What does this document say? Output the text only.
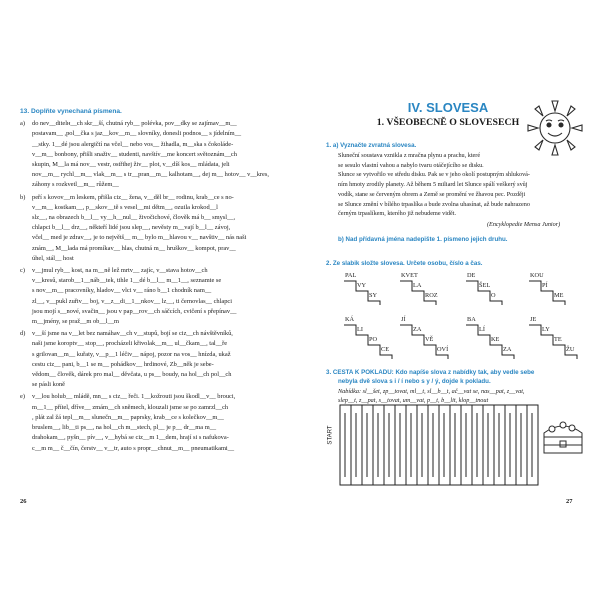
13. Doplňte vynechaná písmena.
a) do nev__ditelн__ch skr__ší, chutná ryb__ polévka, pov__dky se zajímav__m__
postavam__ ,pol__čka s jaz__kov__m__ slovníky, donesli podnos__ s jídelním__
__stky. 1__dé jsou alergičtí na včel__ nebo vos__ žihadla, m__ska s čokoláde-
v__m__ bonbony, přišli snaživ__ studenti, navštív__me koncert světoznám__ch
skupin, M__la má nov__ vestr, ostřihej živ__ plot, v__díš kos__ mládata, jeli
nov__m__ rychl__m__ vlak__m__ s tr__pran__m__ kalhotam__, dej m__ hotov__ v__kres,
záhony s rozkvetl__m__ růžem__
b) peří s kovov__m leskem, přišla ciz__ žena, v__děl br__ rodinu, krab__ce s no-
v__m__ kostkam__, p__skov__tě s vesel__mi dětm__, ozuila krokod__l
slz__, na obrazech b__l__ vy__h__nul__ živočichové, člověk má b__ smysl__,
chlapci b__l__ drz__, někteří lidé jsou slep__, nevěsty m__vají b__l__ závoj,
včel__ med je zdrav__, je to největš__ m__ bylo m__hlavou v__ navštiv__ nás naši
znám__, M__lada má promíkav__ hlas, chutná m__ hruškov__ kompot, prav__
úhel, stál__ host
c) v__jmul ryb__ kost, na m__ně lež mrtv__ zajíc, v__stava hotov__ch
v__kresů, starob__1__náb__tek, tihle 1__dé b__l__ m__1__, seznamte se
s nov__m__ pracovníky, hladov__ vlci v__ ráno b__1 chodník nam__
zl__, v__pukl zuřiv__ boj, v__z__di__1__nkov__ lz__, ti černovlas__ chlapci
jsou mojí s__nové, svačin__ jsou v pap__rov__ch sáčcích, cvičení s přepínav__
m__jmény, se praž__m ob__l__m
d) v__ší jsme na v__let bez namáhav__ch v__stupů, bojí se ciz__ch návštěvníků,
naši jsme koroptv__ stop__, procházeli křivolak__m__ ul__čkam__, tal__ře
s grilovan__m__ kuřaty, v__p__1 léčiv__ nápoj, pozor na vos__ hnízda, ukaž
cestu ciz__ pani, b__1 se m__ pohádkov__ hrdinové, Zb__něk je sebe-
vědom__ člověk, dárek pro mal__ děvčata, u ps__ boudy, na hol__ch pol__ch
se pásli koně
e) v__lou holub__ mládě, mn__ s ciz__ řeči. 1__kožrouti jsou škodl__v__ brouci,
m__1__ přítel, dříve__ zmám__ch sněmech, klouzali jsme se po zamrzl__ch
, plát zal žá tepl__m__ slunečn__m__ paprsky, krab__ce s kolečkov__m__
bruslem__, lib__ti ps__, na hol__ch m__stech, pl__ je p__ dr__ma m__
drahokam__, pyšn__ pív__, v__hybá se ciz__m 1__dem, hrají si s nafukova-
c__m m__ č__čín, čerstv__ v__tr, auto s propr__chnut__m__ pneumatikami__
26
IV. SLOVESA
1. VŠEOBECNĚ O SLOVESECH
1. a) Vyznačte zvratná slovesa.
Sluneční soustava vznikla z mračna plynu a prachu, které
se sesulo vlastní vahou a nabylo tvaru otáčejícího se disku.
Slunce se vytvořilo ve středu disku. Pak se v jeho okolí postupným shluková-
ním hmoty zrodily planety. Až během 5 miliard let Slunce spálí veškerý svůj
vodík, stane se červeným obrem a Země se promění ve žhavou pec. Později
se Slunce změní v bílého trpaslíka a bude zvolna uhasínat, až bude nahrazeno
černým trpaslíkem, kterého již nebudeme vidět.
(Encyklopedie Mensa Junior)
b) Nad přídavná jména nadepište 1. písmeno jejich druhu.
2. Ze slabik složte slovesa. Určete osobu, číslo a čas.
PAL
VY
SY
KVET
LA
ROZ
DE
ŠEL
O
KOU
PÍ
ME
KÁ
LI
PO
CE
JÍ
ZA
VĚ
OVÍ
BA
LÍ
KE
ZA
JE
LY
TE
ŽU
3. CESTA K POKLADU: Kdo napíše slova z nabídky tak, aby vedle sebe
nebyla dvě slova s i / í nebo s y / ý, dojde k pokladu.
Nabídka: sl__šet, zp__tovat, ml__t, sl__b__t, ač__vat se, nas__pat, z__vat,
slep__t, z__pat, s__tovat, um__vat, p__t, b__lit, klop__tnout
START
27
